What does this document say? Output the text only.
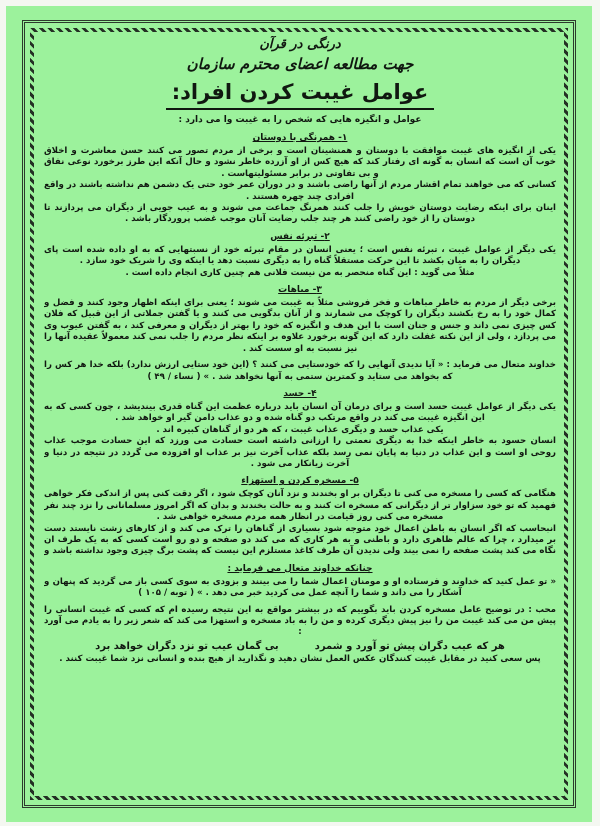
درنگی در قرآن

جهت مطالعه اعضای محترم سازمان

عوامل غیبت کردن افراد:

عوامل و انگیزه هایی که شخص را به غیبت وا می دارد :

۱- همرنگی با دوستان

یکی از انگیزه های غیبت موافقت با دوستان و همنشینان است و برخی از مردم تصور می کنند حسن معاشرت و اخلاق خوب آن است که انسان به گونه ای رفتار کند که هیچ کس از او آزرده خاطر نشود و حال آنکه این طرز برخورد نوعی نفاق و بی تفاوتی در برابر مسئولیتهاست .

کسانی که می خواهند تمام اقشار مردم از آنها راضی باشند و در دوران عمر خود حتی یک دشمن هم نداشته باشند در واقع افرادی چند چهره هستند .

اینان برای اینکه رضایت دوستان خویش را جلب کنند همرنگ جماعت می شوند و به عیب جویی از دیگران می پردازند تا دوستان را از خود راضی کنند هر چند جلب رضایت آنان موجب غضب پروردگار باشد .

۲- تبرئه نفس

یکی دیگر از عوامل غیبت ، تبرئه نفس است ؛ یعنی انسان در مقام تبرئه خود از نسبتهایی که به او داده شده است پای دیگران را به میان بکشد تا این حرکت مستقلاً گناه را به دیگری نسبت دهد یا اینکه وی را شریک خود سازد .

مثلاً می گوید : این گناه منحصر به من نیست فلانی هم چنین کاری انجام داده است .

۳- مباهات

برخی دیگر از مردم به خاطر مباهات و فخر فروشی مثلاً به غیبت می شوند ؛ یعنی برای اینکه اظهار وجود کنند و فضل و کمال خود را به رخ بکشند دیگران را کوچک می شمارند و از آنان بدگویی می کنند و یا گفتن جملاتی از این قبیل که فلان کس چیزی نمی داند و جنس و جنان است با این هدف و انگیزه که خود را بهتر از دیگران و معرفی کند ، به گفتن عیوب وی می پردازد ، ولی از این نکته غفلت دارد که این گونه برخورد علاوه بر اینکه نظر مردم را جلب نمی کند معمولاً عقیده آنها را نیز نسبت به او سست کند .

خداوند متعال می فرماید : « آیا ندیدی آنهایی را که خودستایی می کنند ؟ (این خود ستایی ارزش ندارد) بلکه خدا هر کس را که بخواهد می ستاید و کمترین ستمی به آنها نخواهد شد . » ( نساء / ۴۹ )

۴- حسد

یکی دیگر از عوامل غیبت حسد است و برای درمان آن انسان باید درباره عظمت این گناه قدری بیندیشد ، چون کسی که به این انگیزه غیبت می کند در واقع مرتکب دو گناه شده و دو عذاب دامن گیر او خواهد شد .

یکی عذاب حسد و دیگری عذاب غیبت ، که هر دو از گناهان کبیره اند .

انسان حسود به خاطر اینکه خدا به دیگری نعمتی را ارزانی داشته است حسادت می ورزد که این حسادت موجب عذاب روحی او است و این عذاب در دنیا به پایان نمی رسد بلکه عذاب آخرت نیز بر عذاب او افزوده می گردد در نتیجه در دنیا و آخرت زیانکار می شود .

۵- مسخره کردن و استهزاء

هنگامی که کسی را مسخره می کنی تا دیگران بر او بخندند و نزد آنان کوچک شود ، اگر دقت کنی پس از اندکی فکر خواهی فهمید که تو خود سزاوار تر از دیگرانی که مسخره ات کنند و به حالت بخندند و بدان که اگر امروز مسلمانانی را نزد چند نفر مسخره می کنی روز قیامت در انظار همه مردم مسخره خواهی شد .

انبحاسب که اگر انسان به باطن اعمال خود متوجه شود بسیاری از گناهان را ترک می کند و از کارهای زشت نایستد دست بر میدارد ، چرا که عالم ظاهری دارد و باطنی و به هر کاری که می کند دو صفحه و دو رو است کسی که به یک طرف ان نگاه می کند پشت صفحه را نمی بیند ولی ندیدن آن طرف کاغذ مستلزم این نیست که پشت برگ چیزی وجود نداشته باشد و

چنانکه خداوند متعال می فرماید :

« تو عمل کنید که خداوند و فرستاده او و مومنان اعمال شما را می بینند و بزودی به سوی کسی باز می گردید که پنهان و آشکار را می داند و شما را آنچه عمل می کردید خبر می دهد . » ( توبه / ۱۰۵ )

محب : در توضیح عامل مسخره کردن باید بگوییم که در بیشتر مواقع به این نتیجه رسیده ام که کسی که غیبت انسانی را پیش من می کند غیبت من را نیز پیش دیگری کرده و من را به باد مسخره و استهزا می کند که شعر زیر را به یادم می آورد :

هر که عیب دگران پیش تو آورد و شمرد
بی گمان عیب تو نزد دگران خواهد برد

پس سعی کنید در مقابل غیبت کنندگان عکس العمل نشان دهید و نگذارید از هیچ بنده و انسانی نزد شما غیبت کنند .
